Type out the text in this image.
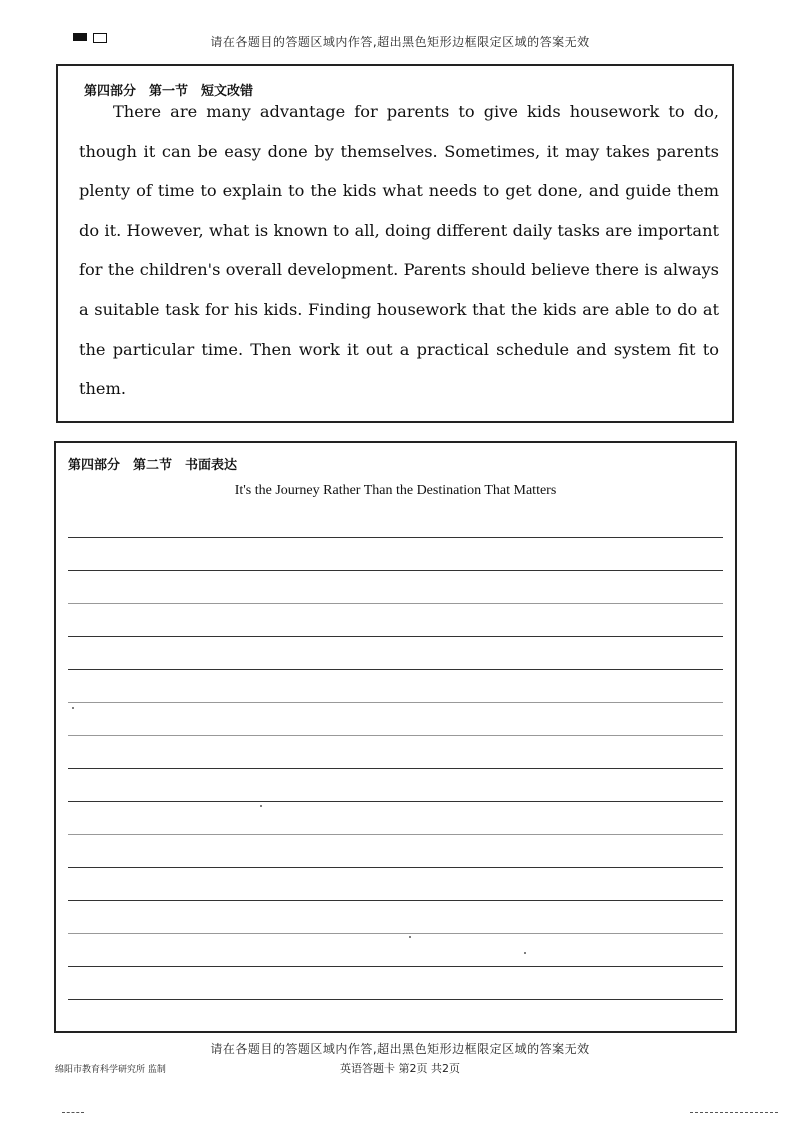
请在各题目的答题区域内作答,超出黑色矩形边框限定区域的答案无效
第四部分　第一节　短文改错
There are many advantage for parents to give kids housework to do, though it can be easy done by themselves. Sometimes, it may takes parents plenty of time to explain to the kids what needs to get done, and guide them do it. However, what is known to all, doing different daily tasks are important for the children's overall development. Parents should believe there is always a suitable task for his kids. Finding housework that the kids are able to do at the particular time. Then work it out a practical schedule and system fit to them.
第四部分　第二节　书面表达
It's the Journey Rather Than the Destination That Matters
请在各题目的答题区域内作答,超出黑色矩形边框限定区域的答案无效
绵阳市教育科学研究所 监制	英语答题卡 第2页 共2页
